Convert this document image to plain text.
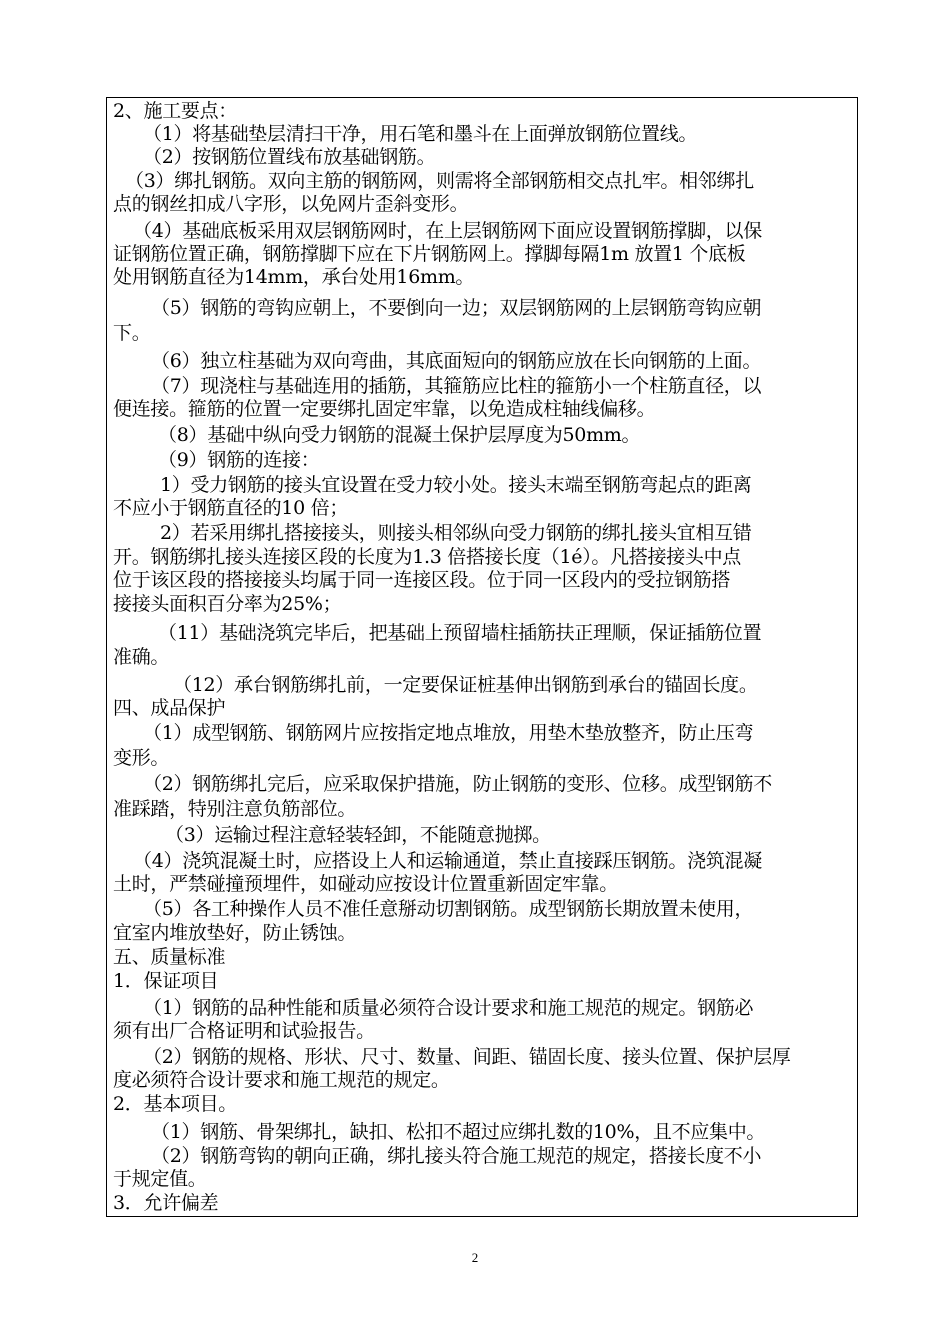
2、施工要点：
（1）将基础垫层清扫干净，用石笔和墨斗在上面弹放钢筋位置线。
（2）按钢筋位置线布放基础钢筋。
（3）绑扎钢筋。双向主筋的钢筋网，则需将全部钢筋相交点扎牢。相邻绑扎
点的钢丝扣成八字形，以免网片歪斜变形。
（4）基础底板采用双层钢筋网时，在上层钢筋网下面应设置钢筋撑脚，以保
证钢筋位置正确，钢筋撑脚下应在下片钢筋网上。撑脚每隔1m 放置1 个底板
处用钢筋直径为14mm，承台处用16mm。
（5）钢筋的弯钩应朝上，不要倒向一边；双层钢筋网的上层钢筋弯钩应朝
下。
（6）独立柱基础为双向弯曲，其底面短向的钢筋应放在长向钢筋的上面。
（7）现浇柱与基础连用的插筋，其箍筋应比柱的箍筋小一个柱筋直径，以
便连接。箍筋的位置一定要绑扎固定牢靠，以免造成柱轴线偏移。
（8）基础中纵向受力钢筋的混凝土保护层厚度为50mm。
（9）钢筋的连接：
1）受力钢筋的接头宜设置在受力较小处。接头末端至钢筋弯起点的距离
不应小于钢筋直径的10 倍；
2）若采用绑扎搭接接头，则接头相邻纵向受力钢筋的绑扎接头宜相互错
开。钢筋绑扎接头连接区段的长度为1.3 倍搭接长度（1é）。凡搭接接头中点
位于该区段的搭接接头均属于同一连接区段。位于同一区段内的受拉钢筋搭
接接头面积百分率为25%；
（11）基础浇筑完毕后，把基础上预留墙柱插筋扶正理顺，保证插筋位置
准确。
（12）承台钢筋绑扎前，一定要保证桩基伸出钢筋到承台的锚固长度。
四、成品保护
（1）成型钢筋、钢筋网片应按指定地点堆放，用垫木垫放整齐，防止压弯
变形。
（2）钢筋绑扎完后，应采取保护措施，防止钢筋的变形、位移。成型钢筋不
准踩踏，特别注意负筋部位。
（3）运输过程注意轻装轻卸，不能随意抛掷。
（4）浇筑混凝土时，应搭设上人和运输通道，禁止直接踩压钢筋。浇筑混凝
土时，严禁碰撞预埋件，如碰动应按设计位置重新固定牢靠。
（5）各工种操作人员不准任意掰动切割钢筋。成型钢筋长期放置未使用，
宜室内堆放垫好，防止锈蚀。
五、质量标准
1．保证项目
（1）钢筋的品种性能和质量必须符合设计要求和施工规范的规定。钢筋必
须有出厂合格证明和试验报告。
（2）钢筋的规格、形状、尺寸、数量、间距、锚固长度、接头位置、保护层厚
度必须符合设计要求和施工规范的规定。
2．基本项目。
（1）钢筋、骨架绑扎，缺扣、松扣不超过应绑扎数的10%，且不应集中。
（2）钢筋弯钩的朝向正确，绑扎接头符合施工规范的规定，搭接长度不小
于规定值。
3．允许偏差
2
